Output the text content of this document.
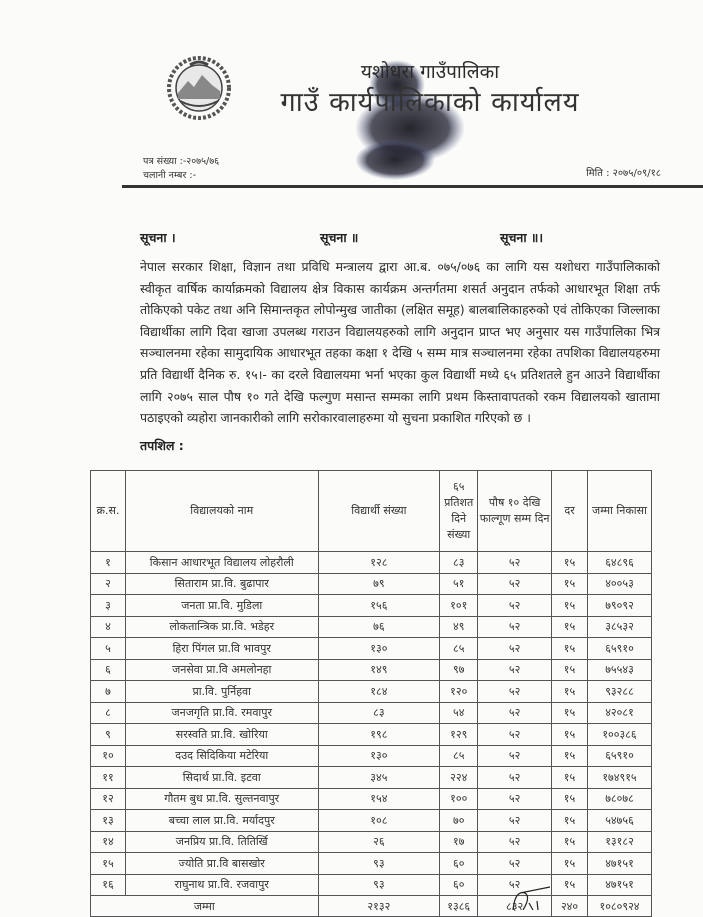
यशोधरा गाउँपालिका
गाउँ कार्यपालिकाको कार्यालय
पत्र संख्या :-२०७५/७६
चलानी नम्बर :-	मिति : २०७५/०९/१८
सूचना ।	सूचना ॥	सूचना ॥।
नेपाल सरकार शिक्षा, विज्ञान तथा प्रविधि मन्त्रालय द्वारा आ.ब. ०७५/०७६ का लागि यस यशोधरा गाउँपालिकाको स्वीकृत वार्षिक कार्याक्रमको विद्यालय क्षेत्र विकास कार्यक्रम अन्तर्गतमा शसर्त अनुदान तर्फको आधारभूत शिक्षा तर्फ तोकिएको पकेट तथा अनि सिमान्तकृत लोपोन्मुख जातीका (लक्षित समूह) बालबालिकाहरुको एवं तोकिएका जिल्लाका विद्यार्थीका लागि दिवा खाजा उपलब्ध गराउन विद्यालयहरुको लागि अनुदान प्राप्त भए अनुसार यस गाउँपालिका भित्र सञ्चालनमा रहेका सामुदायिक आधारभूत तहका कक्षा १ देखि ५ सम्म मात्र सञ्चालनमा रहेका तपशिका विद्यालयहरुमा प्रति विद्यार्थी दैनिक रु. १५।- का दरले विद्यालयमा भर्ना भएका कुल विद्यार्थी मध्ये ६५ प्रतिशतले हुन आउने विद्यार्थीका लागि २०७५ साल पौष १० गते देखि फल्गुण मसान्त सम्मका लागि प्रथम किस्तावापतको रकम विद्यालयको खातामा पठाइएको व्यहोरा जानकारीको लागि सरोकारवालाहरुमा यो सुचना प्रकाशित गरिएको छ ।
तपशिल :
क्र.स.	विद्यालयको नाम	विद्यार्थी संख्या	६५ प्रतिशत दिने संख्या	पौष १० देखि फाल्गूण सम्म दिन	दर	जम्मा निकासा
१	किसान आधारभूत विद्यालय लोहरौली	१२८	८३	५२	१५	६४८९६
२	सिताराम प्रा.वि. बुढापार	७९	५१	५२	१५	४००५३
३	जनता प्रा.वि. मुडिला	१५६	१०१	५२	१५	७९०९२
४	लोकतान्त्रिक प्रा.वि. भडेहर	७६	४९	५२	१५	३८५३२
५	हिरा पिंगल प्रा.वि भावपुर	१३०	८५	५२	१५	६५९१०
६	जनसेवा प्रा.वि अमलोनहा	१४९	९७	५२	१५	७५५४३
७	प्रा.वि. पुर्निहवा	१८४	१२०	५२	१५	९३२८८
८	जनजगृति प्रा.वि. रमवापुर	८३	५४	५२	१५	४२०८१
९	सरस्वति प्रा.वि. खोरिया	१९८	१२९	५२	१५	१००३८६
१०	दउद सिदिकिया मटेरिया	१३०	८५	५२	१५	६५९१०
११	सिदार्थ प्रा.वि. इटवा	३४५	२२४	५२	१५	१७४९१५
१२	गौतम बुध प्रा.वि. सुल्तनवापुर	१५४	१००	५२	१५	७८०७८
१३	बच्चा लाल प्रा.वि. मर्यादपुर	१०८	७०	५२	१५	५४७५६
१४	जनप्रिय प्रा.वि. तितिर्खि	२६	१७	५२	१५	१३१८२
१५	ज्योति प्रा.वि बासखोर	९३	६०	५२	१५	४७१५१
१६	राघुनाथ प्रा.वि. रजवापुर	९३	६०	५२	१५	४७१५१
जम्मा		२१३२	१३८६	८३२	२४०	१०८०९२४
